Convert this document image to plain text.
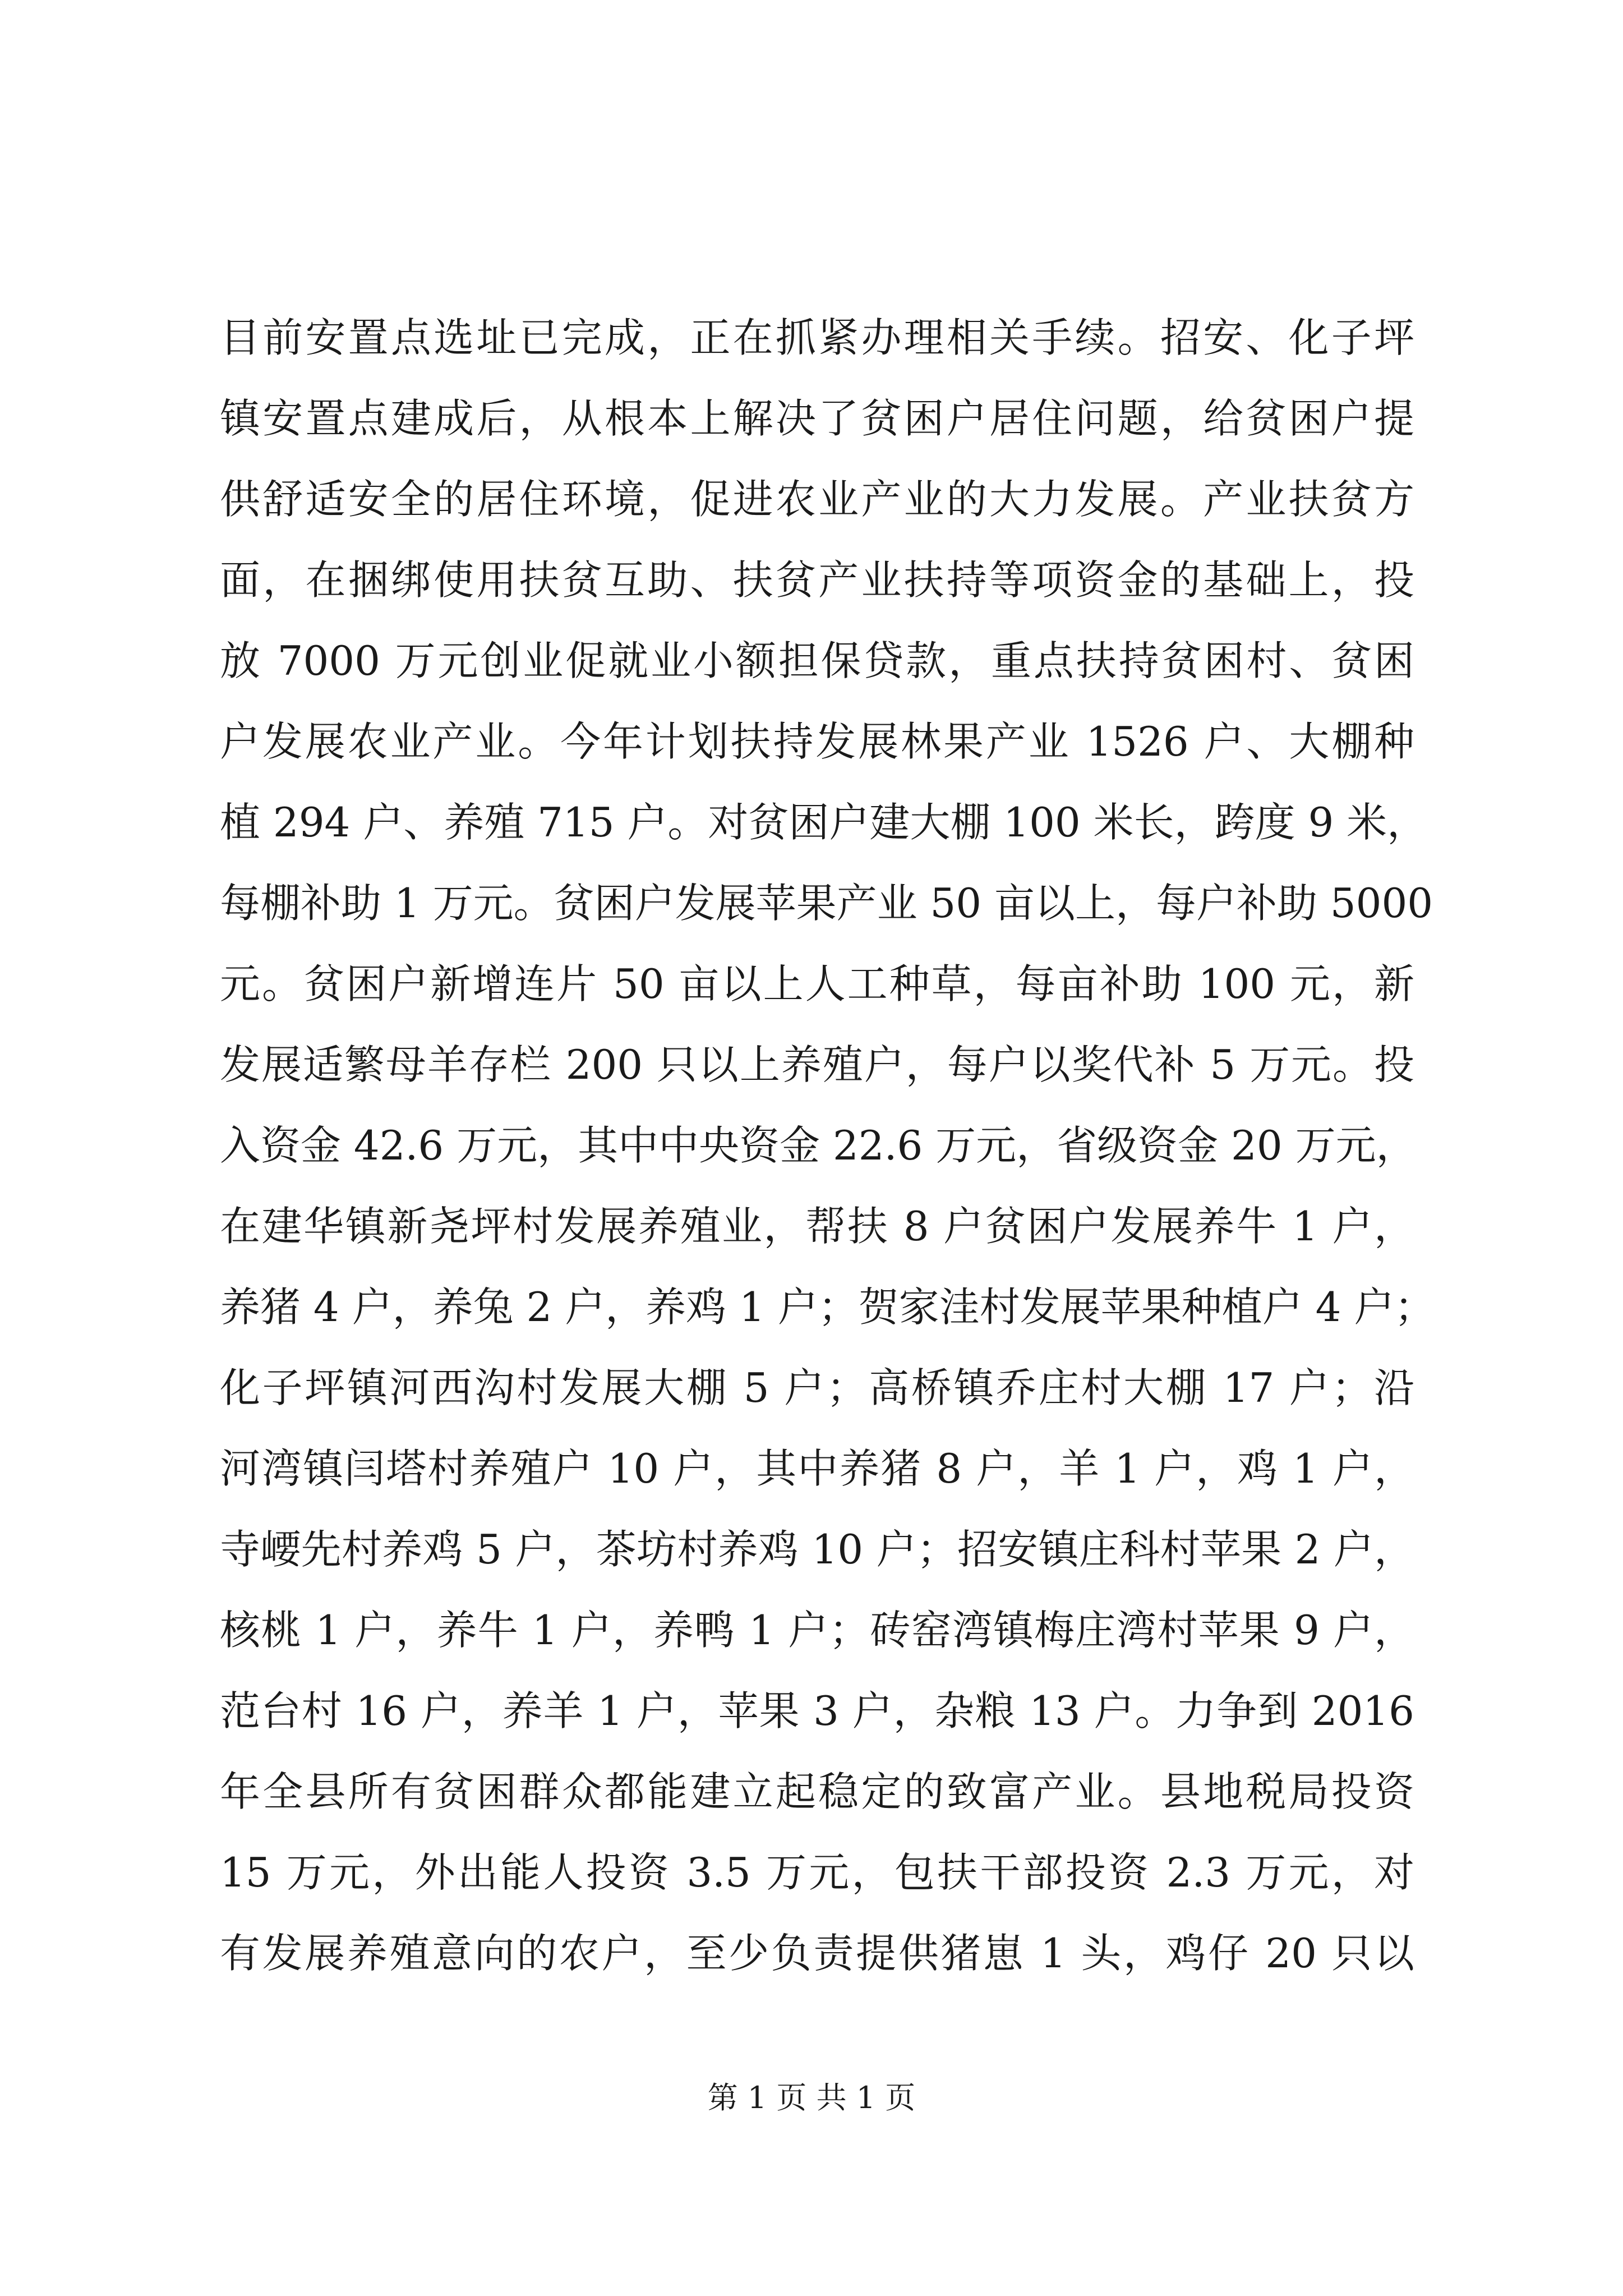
目前安置点选址已完成，正在抓紧办理相关手续。招安、化子坪
镇安置点建成后，从根本上解决了贫困户居住问题，给贫困户提
供舒适安全的居住环境，促进农业产业的大力发展。产业扶贫方
面，在捆绑使用扶贫互助、扶贫产业扶持等项资金的基础上，投
放 7000 万元创业促就业小额担保贷款，重点扶持贫困村、贫困
户发展农业产业。今年计划扶持发展林果产业 1526 户、大棚种
植 294 户、养殖 715 户。对贫困户建大棚 100 米长，跨度 9 米，
每棚补助 1 万元。贫困户发展苹果产业 50 亩以上，每户补助 5000
元。贫困户新增连片 50 亩以上人工种草，每亩补助 100 元，新
发展适繁母羊存栏 200 只以上养殖户，每户以奖代补 5 万元。投
入资金 42.6 万元，其中中央资金 22.6 万元，省级资金 20 万元，
在建华镇新尧坪村发展养殖业，帮扶 8 户贫困户发展养牛 1 户，
养猪 4 户，养兔 2 户，养鸡 1 户；贺家洼村发展苹果种植户 4 户；
化子坪镇河西沟村发展大棚 5 户；高桥镇乔庄村大棚 17 户；沿
河湾镇闫塔村养殖户 10 户，其中养猪 8 户，羊 1 户，鸡 1 户，
寺崾先村养鸡 5 户，茶坊村养鸡 10 户；招安镇庄科村苹果 2 户，
核桃 1 户，养牛 1 户，养鸭 1 户；砖窑湾镇梅庄湾村苹果 9 户，
范台村 16 户，养羊 1 户，苹果 3 户，杂粮 13 户。力争到 2016
年全县所有贫困群众都能建立起稳定的致富产业。县地税局投资
15 万元，外出能人投资 3.5 万元，包扶干部投资 2.3 万元，对
有发展养殖意向的农户，至少负责提供猪崽 1 头，鸡仔 20 只以
第 1 页 共 1 页
